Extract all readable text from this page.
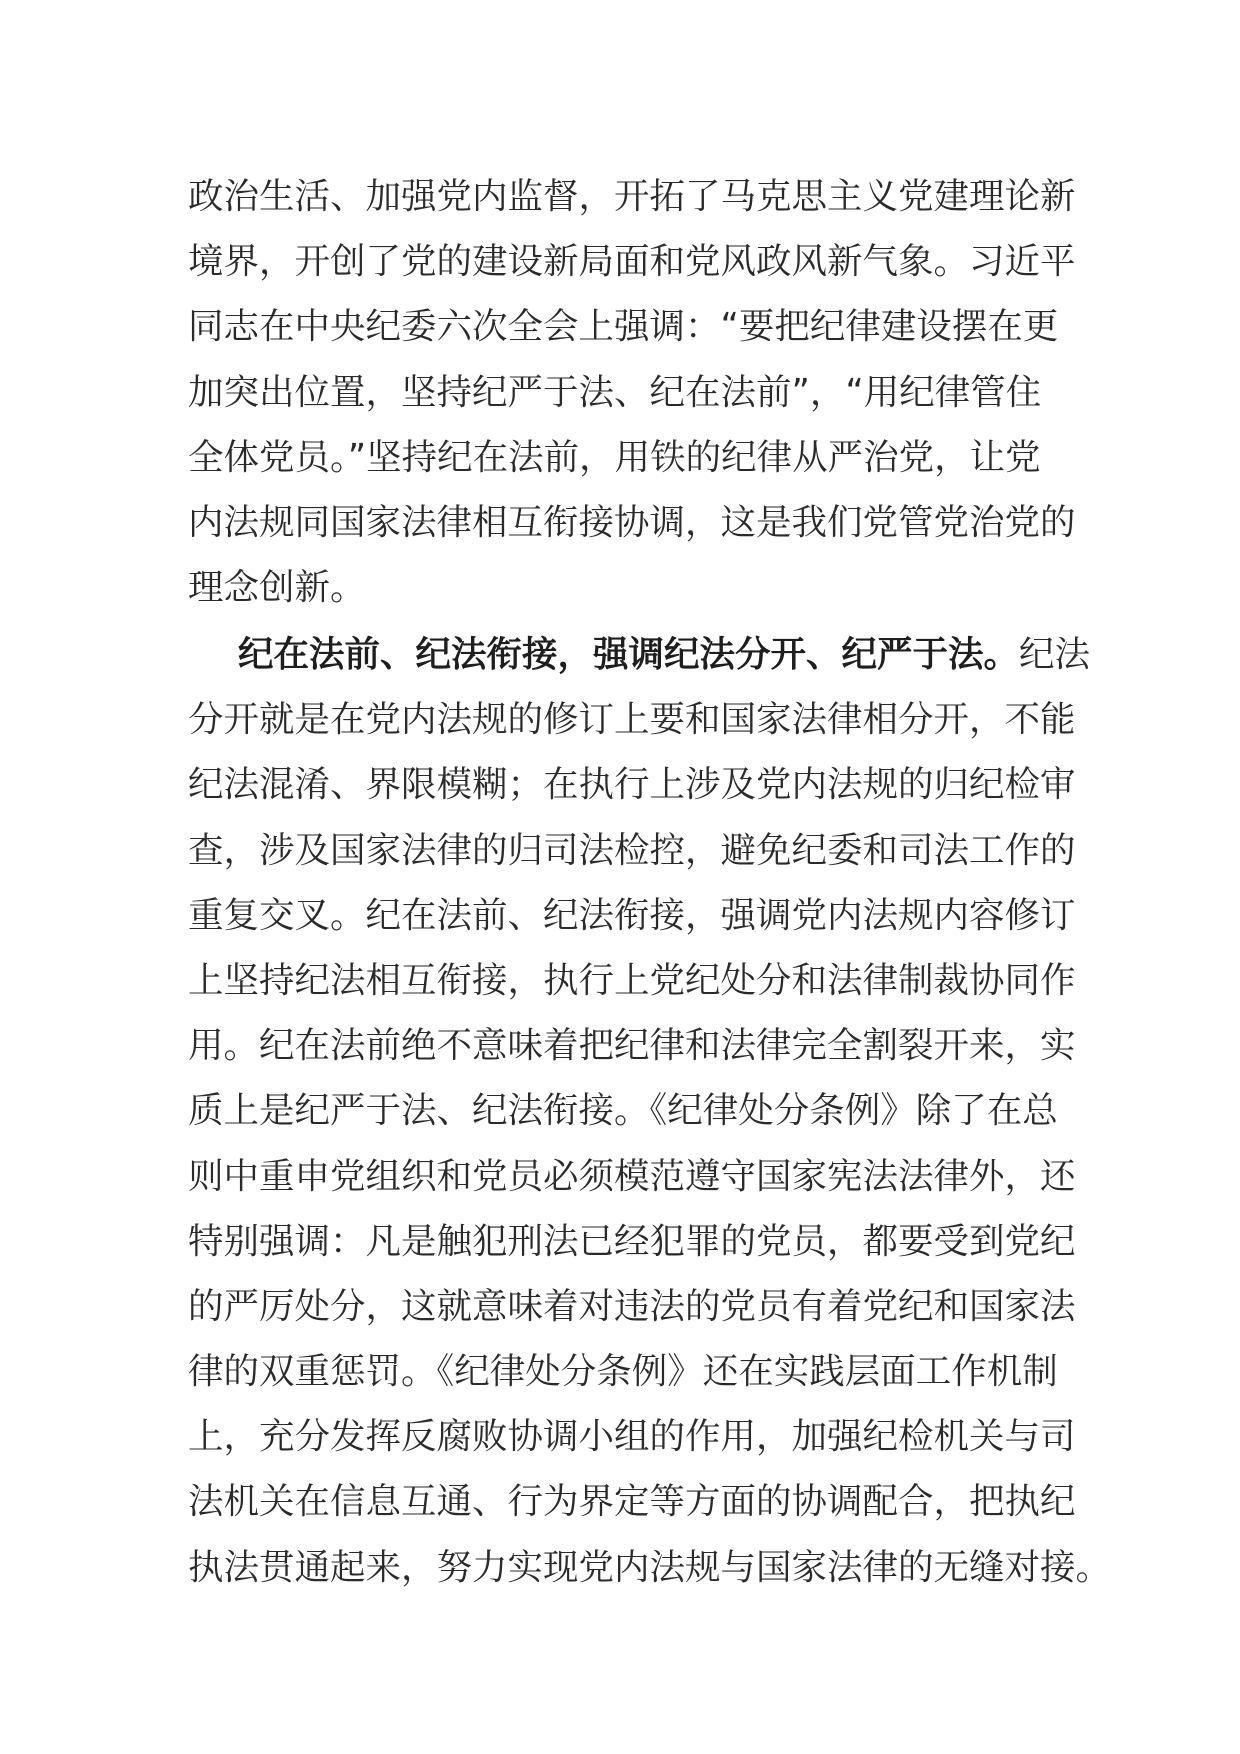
政治生活、加强党内监督，开拓了马克思主义党建理论新
境界，开创了党的建设新局面和党风政风新气象。习近平
同志在中央纪委六次全会上强调：“要把纪律建设摆在更
加突出位置，坚持纪严于法、纪在法前”，“用纪律管住
全体党员。”坚持纪在法前，用铁的纪律从严治党，让党
内法规同国家法律相互衔接协调，这是我们党管党治党的
理念创新。
纪在法前、纪法衔接，强调纪法分开、纪严于法。纪法
分开就是在党内法规的修订上要和国家法律相分开，不能
纪法混淆、界限模糊；在执行上涉及党内法规的归纪检审
查，涉及国家法律的归司法检控，避免纪委和司法工作的
重复交叉。纪在法前、纪法衔接，强调党内法规内容修订
上坚持纪法相互衔接，执行上党纪处分和法律制裁协同作
用。纪在法前绝不意味着把纪律和法律完全割裂开来，实
质上是纪严于法、纪法衔接。《纪律处分条例》除了在总
则中重申党组织和党员必须模范遵守国家宪法法律外，还
特别强调：凡是触犯刑法已经犯罪的党员，都要受到党纪
的严厉处分，这就意味着对违法的党员有着党纪和国家法
律的双重惩罚。《纪律处分条例》还在实践层面工作机制
上，充分发挥反腐败协调小组的作用，加强纪检机关与司
法机关在信息互通、行为界定等方面的协调配合，把执纪
执法贯通起来，努力实现党内法规与国家法律的无缝对接。
